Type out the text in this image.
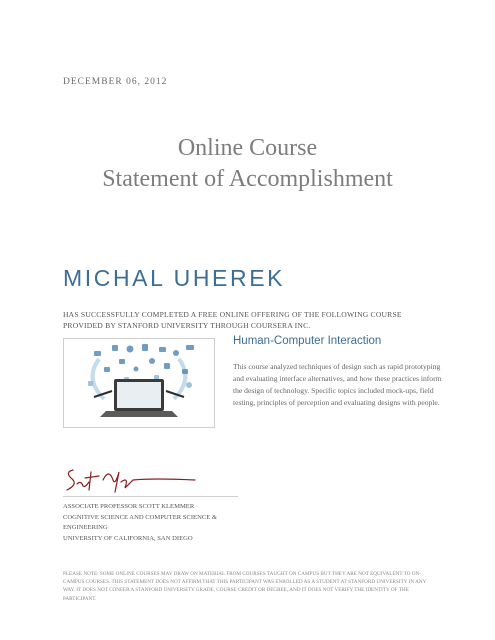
DECEMBER 06, 2012
Online Course
Statement of Accomplishment
MICHAL UHEREK
HAS SUCCESSFULLY COMPLETED A FREE ONLINE OFFERING OF THE FOLLOWING COURSE PROVIDED BY STANFORD UNIVERSITY THROUGH COURSERA INC.
Human-Computer Interaction
This course analyzed techniques of design such as rapid prototyping and evaluating interface alternatives, and how these practices inform the design of technology. Specific topics included mock-ups, field testing, principles of perception and evaluating designs with people.
ASSOCIATE PROFESSOR SCOTT KLEMMER
COGNITIVE SCIENCE AND COMPUTER SCIENCE & ENGINEERING
UNIVERSITY OF CALIFORNIA, SAN DIEGO
PLEASE NOTE: SOME ONLINE COURSES MAY DRAW ON MATERIAL FROM COURSES TAUGHT ON CAMPUS BUT THEY ARE NOT EQUIVALENT TO ON-CAMPUS COURSES. THIS STATEMENT DOES NOT AFFIRM THAT THIS PARTICIPANT WAS ENROLLED AS A STUDENT AT STANFORD UNIVERSITY IN ANY WAY. IT DOES NOT CONFER A STANFORD UNIVERSITY GRADE, COURSE CREDIT OR DEGREE, AND IT DOES NOT VERIFY THE IDENTITY OF THE PARTICIPANT.
